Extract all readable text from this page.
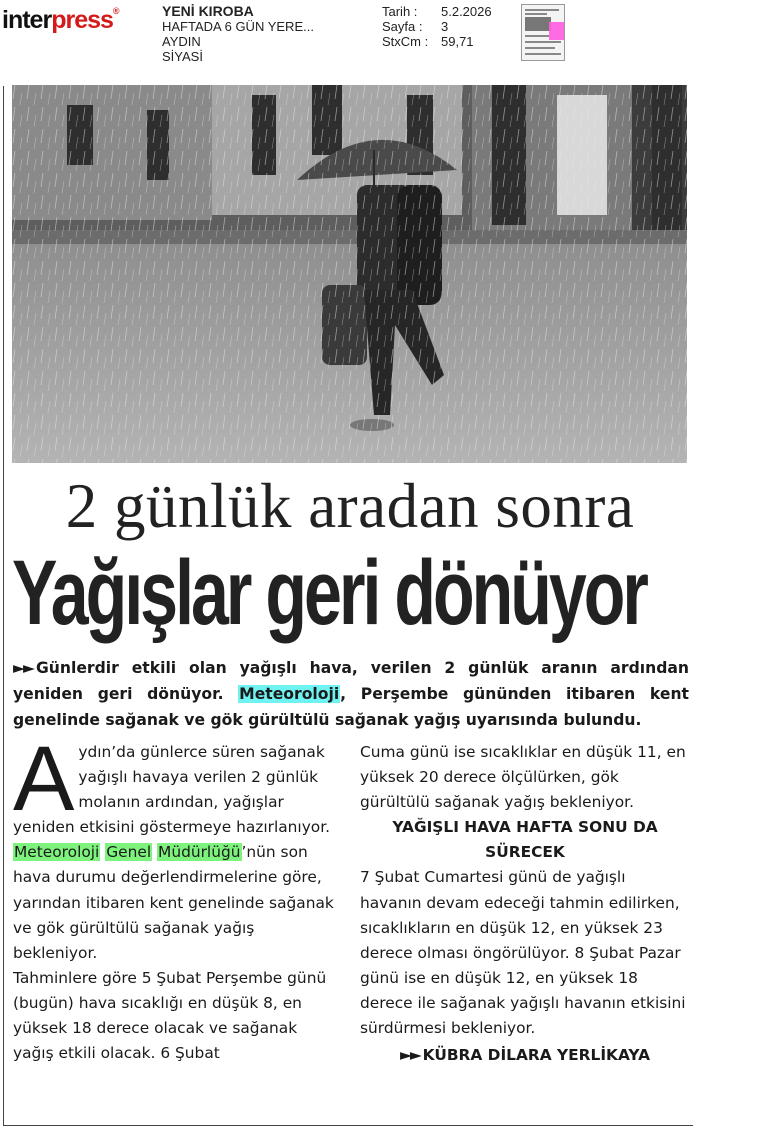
interpress®	YENİ KIROBA
HAFTADA 6 GÜN YERE...
AYDIN
SİYASİ
Tarih :
Sayfa :
StxCm :
5.2.2026
3
59,71
2 günlük aradan sonra
Yağışlar geri dönüyor
►► Günlerdir etkili olan yağışlı hava, verilen 2 günlük aranın ardından yeniden geri dönüyor. Meteoroloji, Perşembe gününden itibaren kent genelinde sağanak ve gök gürültülü sağanak yağış uyarısında bulundu.
Aydın’da günlerce süren sağanak yağışlı havaya verilen 2 günlük molanın ardından, yağışlar yeniden etkisini göstermeye hazırlanıyor.
Meteoroloji Genel Müdürlüğü’nün son hava durumu değerlendirmelerine göre, yarından itibaren kent genelinde sağanak ve gök gürültülü sağanak yağış bekleniyor.
Tahminlere göre 5 Şubat Perşembe günü (bugün) hava sıcaklığı en düşük 8, en yüksek 18 derece olacak ve sağanak yağış etkili olacak. 6 Şubat
Cuma günü ise sıcaklıklar en düşük 11, en yüksek 20 derece ölçülürken, gök gürültülü sağanak yağış bekleniyor.
YAĞIŞLI HAVA HAFTA SONU DA SÜRECEK
7 Şubat Cumartesi günü de yağışlı havanın devam edeceği tahmin edilirken, sıcaklıkların en düşük 12, en yüksek 23 derece olması öngörülüyor. 8 Şubat Pazar günü ise en düşük 12, en yüksek 18 derece ile sağanak yağışlı havanın etkisini sürdürmesi bekleniyor.
►► KÜBRA DİLARA YERLİKAYA
